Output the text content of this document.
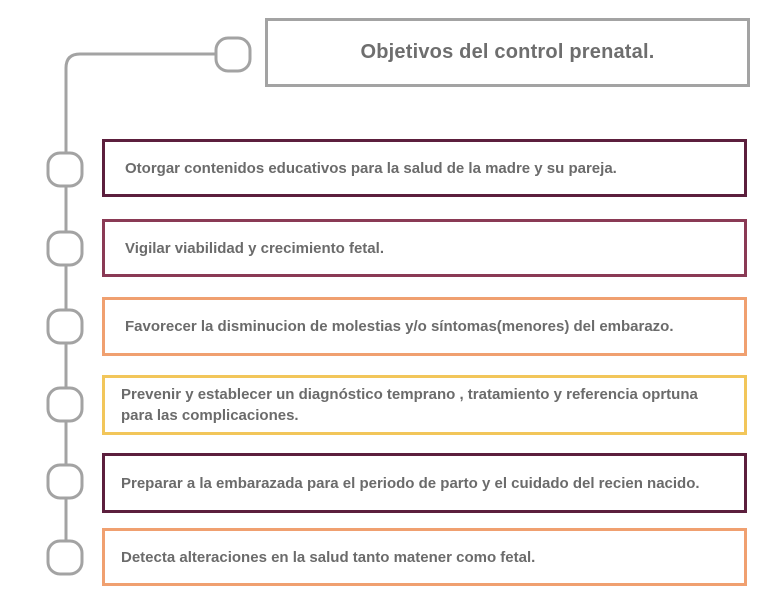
Objetivos del control prenatal.
Otorgar contenidos educativos para la salud de la madre y su pareja.
Vigilar viabilidad y crecimiento fetal.
Favorecer la disminucion de molestias y/o síntomas(menores) del embarazo.
Prevenir y establecer un diagnóstico temprano , tratamiento y referencia oprtuna para las complicaciones.
Preparar a la embarazada para el periodo de parto y el cuidado del recien nacido.
Detecta alteraciones en la salud tanto matener como fetal.
